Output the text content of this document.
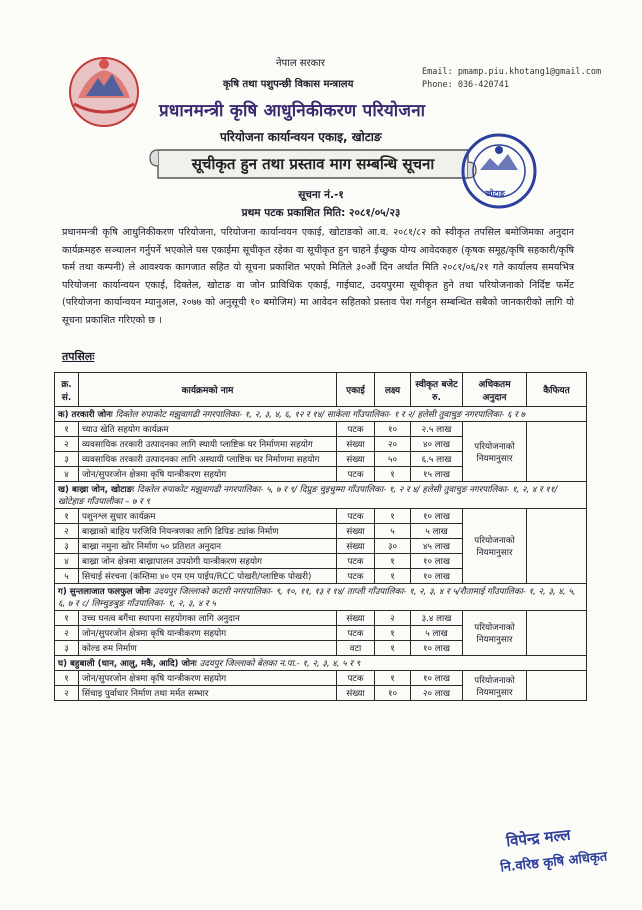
नेपाल सरकार
कृषि तथा पशुपन्छी विकास मन्त्रालय
प्रधानमन्त्री कृषि आधुनिकीकरण परियोजना
परियोजना कार्यान्वयन एकाइ, खोटाङ
Email: pmamp.piu.khotang1@gmail.com
Phone: 036-420741
सूचीकृत हुन तथा प्रस्ताव माग सम्बन्धि सूचना
खोटाङ
सूचना नं.-१
प्रथम पटक प्रकाशित मिति: २०८१/०५/२३
प्रधानमन्त्री कृषि आधुनिकीकरण परियोजना, परियोजना कार्यान्वयन एकाई, खोटाङको आ.व. २०८१/८२ को स्वीकृत तपसिल बमोजिमका अनुदान कार्यक्रमहरु सञ्चालन गर्नुपर्ने भएकोले यस एकाईमा सूचीकृत रहेका वा सूचीकृत हुन चाहने ईच्छुक योग्य आवेदकहरु (कृषक समूह/कृषि सहकारी/कृषि फर्म तथा कम्पनी) ले आवश्यक कागजात सहित यो सूचना प्रकाशित भएको मितिले ३०औं दिन अर्थात मिति २०८१/०६/२१ गते कार्यालय समयभित्र परियोजना कार्यान्वयन एकाई, दिक्तेल, खोटाङ वा जोन प्राविधिक एकाई, गाईघाट, उदयपुरमा सूचीकृत हुने तथा परियोजनाको निर्दिष्ट फर्मेट (परियोजना कार्यान्वयन म्यानुअल, २०७७ को अनुसूची १० बमोजिम) मा आवेदन सहितको प्रस्ताव पेश गर्नहुन सम्बन्धित सबैको जानकारीको लागि यो सूचना प्रकाशित गरिएको छ ।
तपसिलः
क्र. सं.	कार्यक्रमको नाम	एकाई	लक्ष्य	स्वीकृत बजेट रु.	अधिकतम अनुदान	कैफियत
क) तरकारी जोनः दिक्तेल रुपाकोट मझुवागढी नगरपालिका- १, २, ३, ४, ६, १२ र १४/ साकेला गाँउपालिका- १ र २/ हलेसी तुवाचुङ नगरपालिका- ६ र ७						
१	च्याउ खेति सहयोग कार्यक्रम	पटक	१०	२.५ लाख	परियोजनाको नियमानुसार	
२	व्यवसायिक तरकारी उत्पादनका लागि स्थायी प्लाष्टिक घर निर्माणमा सहयोग	संख्या	२०	४० लाख		
३	व्यवसायिक तरकारी उत्पादनका लागि अस्थायी प्लाष्टिक घर निर्माणमा सहयोग	संख्या	५०	६.५ लाख		
४	जोन/सुपरजोन क्षेत्रमा कृषि यान्त्रीकरण सहयोग	पटक	१	१५ लाख		
ख) बाख्रा जोन, खोटाङः दिक्तेल रुपाकोट मझुवागढी नगरपालिका- ५, ७ र ९/ दिप्रुङ चुइचुम्मा गाँउपालिका- १, २ र ४/ हलेसी तुवाचुङ नगरपालिका- १, २, ४ र ११/ खोटेहाङ गाँउपालीका – ७ र ९						
१	पशुनश्ल सुधार कार्यक्रम	पटक	१	१० लाख	परियोजनाको नियमानुसार	
२	बाख्राको बाहिय परजिवि नियन्त्रणका लागि डिपिङ ट्यांक निर्माण	संख्या	५	५ लाख		
३	बाख्रा नमुना खोर निर्माण ५० प्रतिशत अनुदान	संख्या	३०	४५ लाख		
४	बाख्रा जोन क्षेत्रमा बाख्रापालन उपयोगी यान्त्रीकरण सहयोग	पटक	१	१० लाख		
५	सिचाई संरचना (कम्तिमा ४० एम एम पाईप/RCC पोखरी/प्लाष्टिक पोखरी)	पटक	१	१० लाख		
ग) सुन्तलाजात फलफुल जोनः उदयपुर जिल्लाको कटारी नगरपालिका- ९, १०, ११, १३ र १४/ ताप्ली गाँउपालिका- १, २, ३, ४ र ५/रौतामाई गाँउपालिका- १, २, ३, ४, ५, ६, ७ र ८/ लिम्चुङबुङ गाँउपालिका- १, २, ३, ४ र ५						
१	उच्च घनत्व बगैंचा स्थापना सहयोगका लागि अनुदान	संख्या	२	३.४ लाख	परियोजनाको नियमानुसार	
२	जोन/सुपरजोन क्षेत्रमा कृषि यान्त्रीकरण सहयोग	पटक	१	५ लाख		
३	कोल्ड रुम निर्माण	वटा	१	१० लाख		
घ) बहुबाली (धान, आलु, मकै, आदि) जोनः उदयपुर जिल्लाको बेलका न.पा.- १, २, ३, ४, ५ र ९						
१	जोन/सुपरजोन क्षेत्रमा कृषि यान्त्रीकरण सहयोग	पटक	१	१० लाख	परियोजनाको नियमानुसार	
२	सिंचाइ पुर्वाधार निर्माण तथा मर्मत सम्भार	संख्या	१०	२० लाख		
विपेन्द्र मल्ल
नि.वरिष्ठ कृषि अधिकृत
